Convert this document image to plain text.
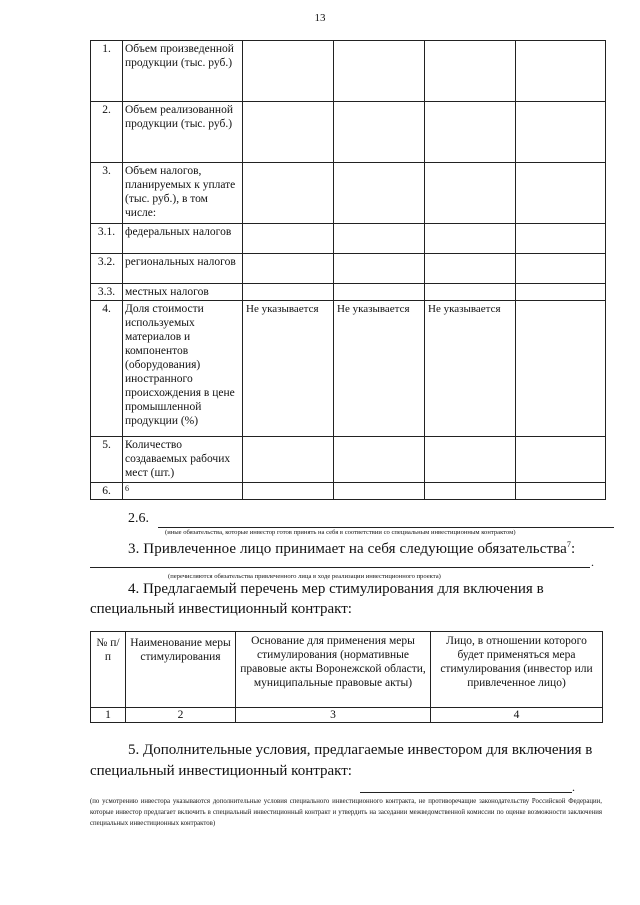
13
1.	Объем произведенной продукции (тыс. руб.)				
2.	Объем реализованной продукции (тыс. руб.)				
3.	Объем налогов, планируемых к уплате (тыс. руб.), в том числе:				
3.1.	федеральных налогов				
3.2.	региональных налогов				
3.3.	местных налогов				
4.	Доля стоимости используемых материалов и компонентов (оборудования) иностранного происхождения в цене промышленной продукции (%)	Не указывается	Не указывается	Не указывается	
5.	Количество создаваемых рабочих мест (шт.)				
6.	6				
2.6.
(иные обязательства, которые инвестор готов принять на себя в соответствии со специальным инвестиционным контрактом)
3. Привлеченное лицо принимает на себя следующие обязательства$^7$:
.
(перечисляются обязательства привлеченного лица в ходе реализации инвестиционного проекта)
4. Предлагаемый перечень мер стимулирования для включения в
специальный инвестиционный контракт:
№ п/п	Наименование меры стимулирования	Основание для применения меры стимулирования (нормативные правовые акты Воронежской области, муниципальные правовые акты)	Лицо, в отношении которого будет применяться мера стимулирования (инвестор или привлеченное лицо)
1	2	3	4
5. Дополнительные условия, предлагаемые инвестором для включения в
специальный инвестиционный контракт:
.
(по усмотрению инвестора указываются дополнительные условия специального инвестиционного контракта, не противоречащие законодательству Российской Федерации, которые инвестор предлагает включить в специальный инвестиционный контракт и утвердить на заседании межведомственной комиссии по оценке возможности заключения специальных инвестиционных контрактов)
